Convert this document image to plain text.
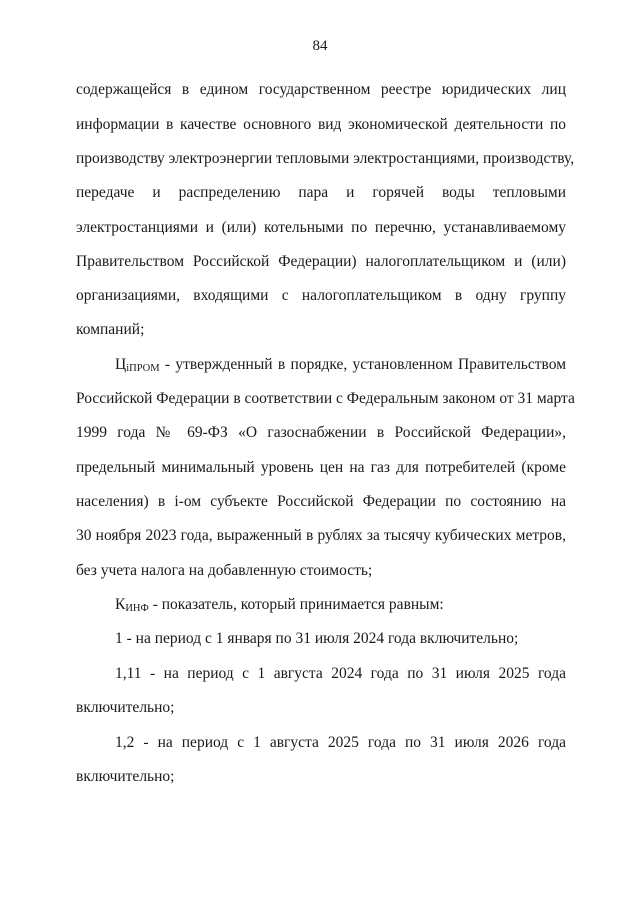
84
содержащейся в едином государственном реестре юридических лиц
информации в качестве основного вид экономической деятельности по
производству электроэнергии тепловыми электростанциями, производству,
передаче и распределению пара и горячей воды тепловыми
электростанциями и (или) котельными по перечню, устанавливаемому
Правительством Российской Федерации) налогоплательщиком и (или)
организациями, входящими с налогоплательщиком в одну группу
компаний;
$Ц_{iПРОМ}$ - утвержденный в порядке, установленном Правительством
Российской Федерации в соответствии с Федеральным законом от 31 марта
1999 года № 69-ФЗ «О газоснабжении в Российской Федерации»,
предельный минимальный уровень цен на газ для потребителей (кроме
населения) в i-ом субъекте Российской Федерации по состоянию на
30 ноября 2023 года, выраженный в рублях за тысячу кубических метров,
без учета налога на добавленную стоимость;
$К_{ИНФ}$ - показатель, который принимается равным:
1 - на период с 1 января по 31 июля 2024 года включительно;
1,11 - на период с 1 августа 2024 года по 31 июля 2025 года
включительно;
1,2 - на период с 1 августа 2025 года по 31 июля 2026 года
включительно;
